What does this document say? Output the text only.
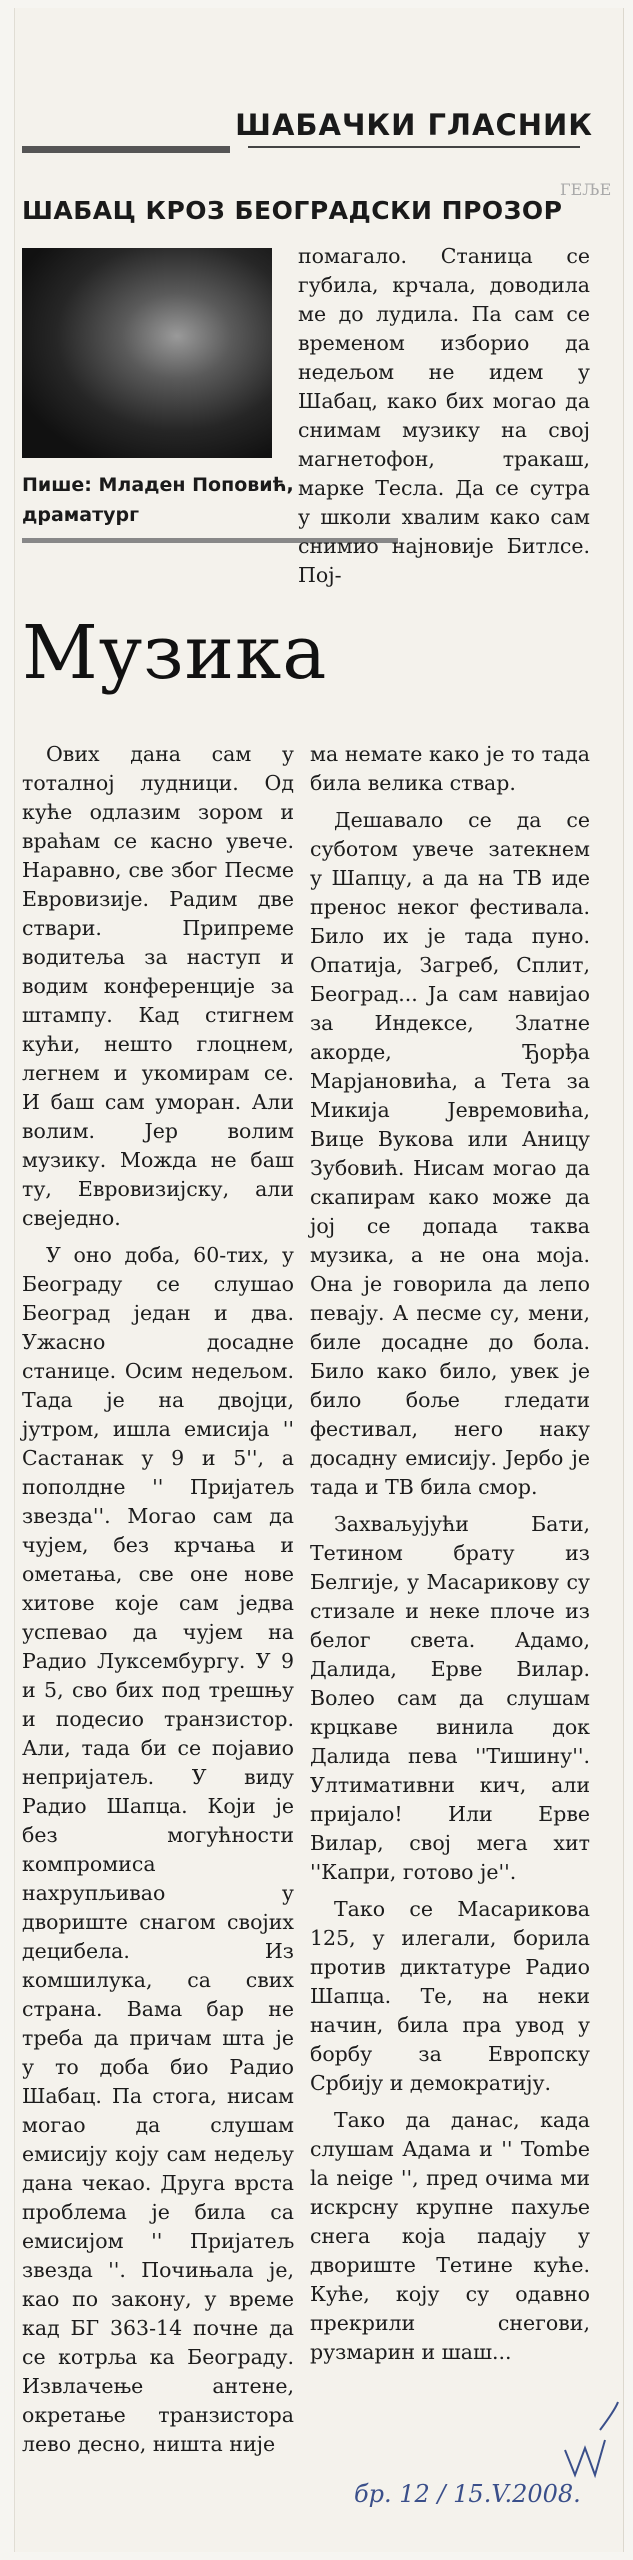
ШАБАЧКИ ГЛАСНИК
ШАБАЦ КРОЗ БЕОГРАДСКИ ПРОЗОР
Пише: Младен Поповић,
драматург
Музика
ГЕЉЕ

помагало. Станица се губила, крчала, доводила ме до лудила. Па сам се временом изборио да недељом не идем у Шабац, како бих могао да снимам музику на свој магнетофон, тракаш, марке Тесла. Да се сутра у школи хвалим како сам снимио најновије Битлсе. Пој-

Овиx дана сам у тоталној лудници. Од куће одлазим зором и враћам се касно увече. Наравно, све због Песме Евровизије. Радим две ствари. Припреме водитеља за наступ и водим конференције за штампу. Кад стигнем кући, нешто глоцнем, легнем и укомирам се. И баш сам уморан. Али волим. Јер волим музику. Можда не баш ту, Евровизијску, али свеједно.

У оно доба, 60-тих, у Београду се слушао Београд један и два. Ужасно досадне станице. Осим недељом. Тада је на двојци, јутром, ишла емисија '' Састанак у 9 и 5'', а пополдне '' Пријатељ звезда''. Могао сам да чујем, без крчања и ометања, све оне нове хитове које сам једва успевао да чујем на Радио Луксембургу. У 9 и 5, сво бих под трешњу и подесио транзистор. Али, тада би се појавио непријатељ. У виду Радио Шапца. Који је без могућности компромиса нахрупљивао у двориште снагом својих децибела. Из комшилука, са свих страна. Вама бар не треба да причам шта је у то доба био Радио Шабац. Па стога, нисам могао да слушам емисију коју сам недељу дана чекао. Друга врста проблема је била са емисијом '' Пријатељ звезда ''. Почињала је, као по закону, у време кад БГ 363-14 почне да се котрља ка Београду. Извлачење антене, окретање транзистора лево десно, ништа није

ма немате како је то тада била велика ствар.

Дешавало се да се суботом увече затекнем у Шапцу, а да на ТВ иде пренос неког фестивала. Било их је тада пуно. Опатија, Загреб, Сплит, Београд... Ја сам навијао за Индексе, Златне акорде, Ђорђа Марјановића, а Тета за Микија Јевремовића, Вице Вукова или Аницу Зубовић. Нисам могао да скапирам како може да јој се допада таква музика, а не она моја. Она је говорила да лепо певају. А песме су, мени, биле досадне до бола. Било како било, увек је било боље гледати фестивал, него наку досадну емисију. Јербо је тада и ТВ била смор.

Захваљујући Бати, Тетином брату из Белгије, у Масарикову су стизале и неке плоче из белог света. Адамо, Далида, Ерве Вилар. Волео сам да слушам крцкаве винила док Далида пева ''Тишину''. Ултимативни кич, али пријало! Или Ерве Вилар, свој мега хит ''Капри, готово је''.

Тако се Масарикова 125, у илегали, борила против диктатуре Радио Шапца. Те, на неки начин, била пра увод у борбу за Европску Србију и демократију.

Тако да данас, када слушам Адама и '' Tombe la neige '', пред очима ми искрсну крупне пахуље снега која падају у двориште Тетине куће. Куће, коју су одавно прекрили снегови, рузмарин и шаш...

бр. 12 / 15.V.2008.
